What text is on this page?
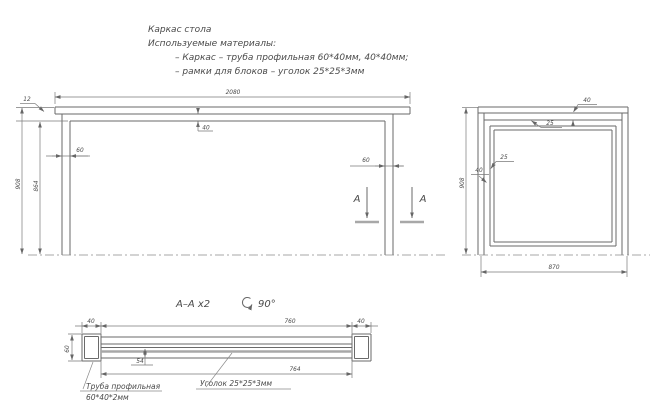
Каркас стола
Используемые материалы:
– Каркас – труба профильная 60*40мм, 40*40мм;
– рамки для блоков – уголок 25*25*3мм
2080
12
908 864
40
60
60
А	А
40
25
25
40
908
870
А–А х2	90°
40	760	40
60
54
764
Труба профильная
60*40*2мм
Уголок 25*25*3мм
